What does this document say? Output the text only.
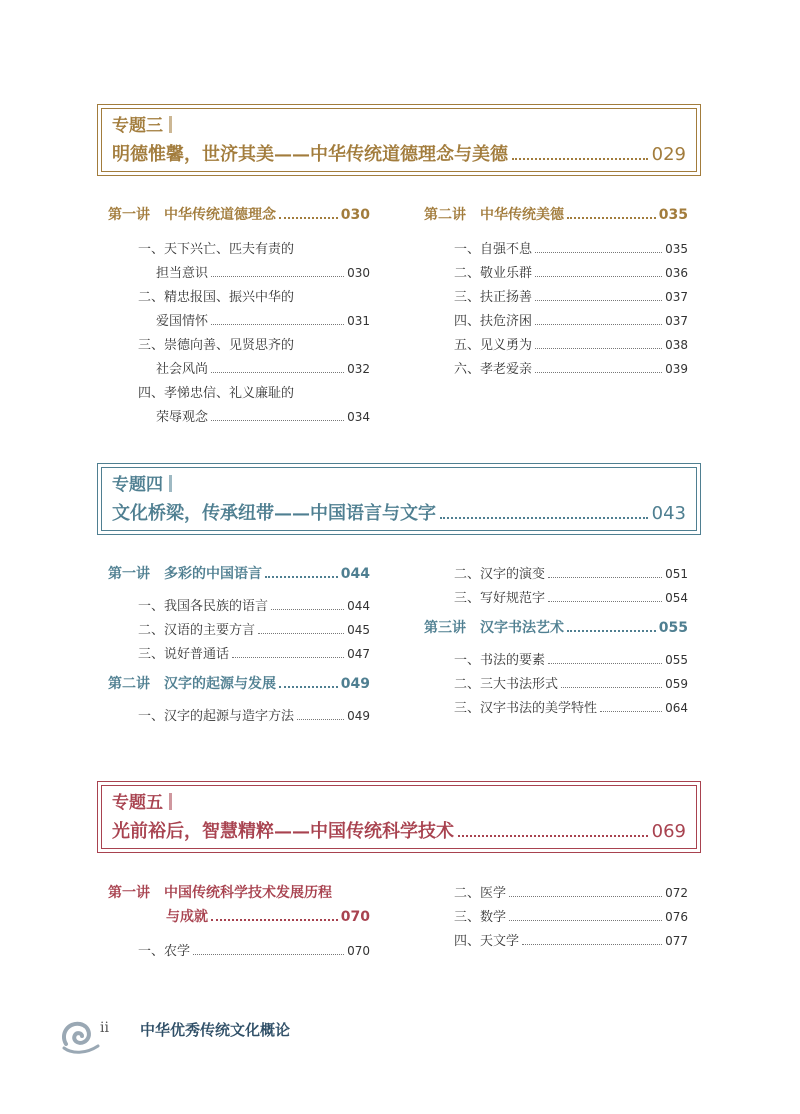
专题三
明德惟馨，世济其美——中华传统道德理念与美德	029
第一讲 中华传统道德理念	030
一、天下兴亡、匹夫有责的
担当意识	030
二、精忠报国、振兴中华的
爱国情怀	031
三、崇德向善、见贤思齐的
社会风尚	032
四、孝悌忠信、礼义廉耻的
荣辱观念	034
第二讲 中华传统美德	035
一、自强不息	035
二、敬业乐群	036
三、扶正扬善	037
四、扶危济困	037
五、见义勇为	038
六、孝老爱亲	039
专题四
文化桥梁，传承纽带——中国语言与文字	043
第一讲 多彩的中国语言	044
一、我国各民族的语言	044
二、汉语的主要方言	045
三、说好普通话	047
第二讲 汉字的起源与发展	049
一、汉字的起源与造字方法	049
二、汉字的演变	051
三、写好规范字	054
第三讲 汉字书法艺术	055
一、书法的要素	055
二、三大书法形式	059
三、汉字书法的美学特性	064
专题五
光前裕后，智慧精粹——中国传统科学技术	069
第一讲 中国传统科学技术发展历程
与成就	070
一、农学	070
二、医学	072
三、数学	076
四、天文学	077
ii 中华优秀传统文化概论
